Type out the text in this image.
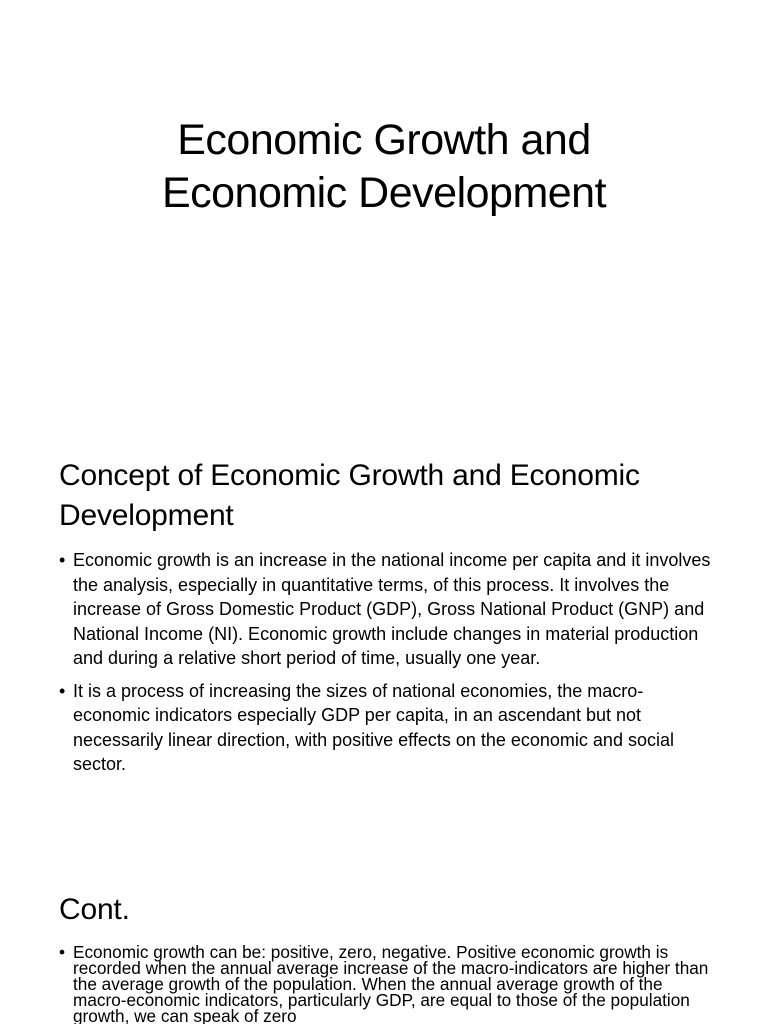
Economic Growth and
Economic Development
Concept of Economic Growth and Economic Development
• Economic growth is an increase in the national income per capita and it involves the analysis, especially in quantitative terms, of this process. It involves the increase of Gross Domestic Product (GDP), Gross National Product (GNP) and National Income (NI). Economic growth include changes in material production and during a relative short period of time, usually one year.
• It is a process of increasing the sizes of national economies, the macro-economic indicators especially GDP per capita, in an ascendant but not necessarily linear direction, with positive effects on the economic and social sector.
Cont.
• Economic growth can be: positive, zero, negative. Positive economic growth is recorded when the annual average increase of the macro-indicators are higher than the average growth of the population. When the annual average growth of the macro-economic indicators, particularly GDP, are equal to those of the population growth, we can speak of zero
